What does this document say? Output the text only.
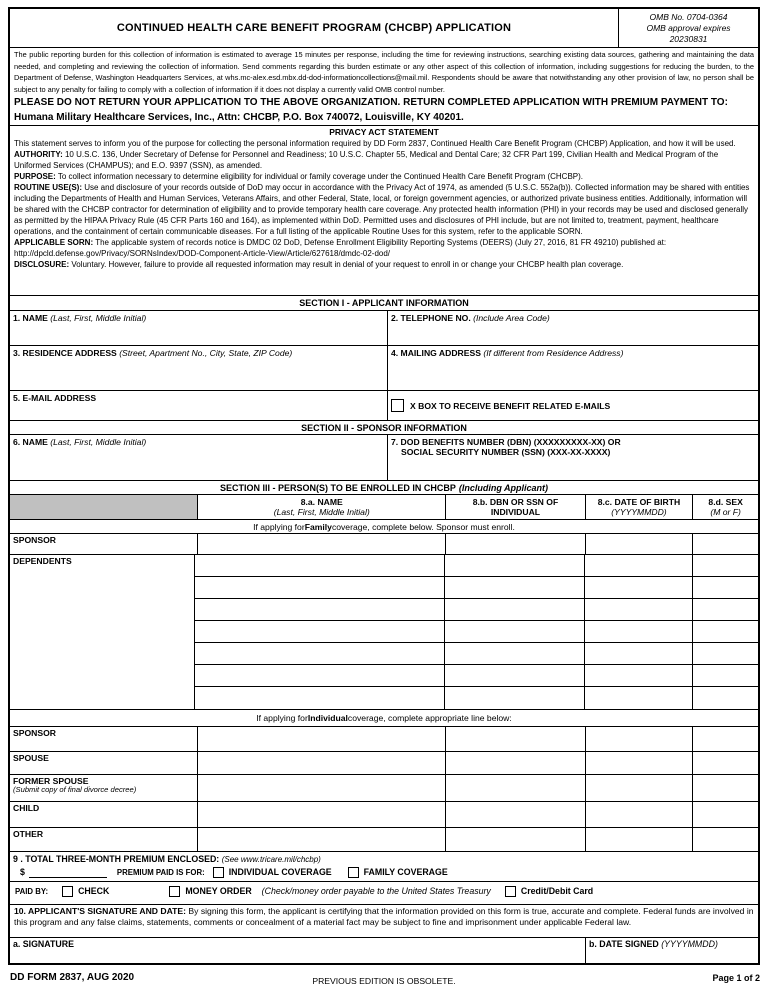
CONTINUED HEALTH CARE BENEFIT PROGRAM (CHCBP) APPLICATION
OMB No. 0704-0364
OMB approval expires
20230831
The public reporting burden for this collection of information is estimated to average 15 minutes per response, including the time for reviewing instructions, searching existing data sources, gathering and maintaining the data needed, and completing and reviewing the collection of information. Send comments regarding this burden estimate or any other aspect of this collection of information, including suggestions for reducing the burden, to the Department of Defense, Washington Headquarters Services, at whs.mc-alex.esd.mbx.dd-dod-informationcollections@mail.mil. Respondents should be aware that notwithstanding any other provision of law, no person shall be subject to any penalty for failing to comply with a collection of information if it does not display a currently valid OMB control number.
PLEASE DO NOT RETURN YOUR APPLICATION TO THE ABOVE ORGANIZATION. RETURN COMPLETED APPLICATION WITH PREMIUM PAYMENT TO: Humana Military Healthcare Services, Inc., Attn: CHCBP, P.O. Box 740072, Louisville, KY 40201.
PRIVACY ACT STATEMENT

This statement serves to inform you of the purpose for collecting the personal information required by DD Form 2837, Continued Health Care Benefit Program (CHCBP) Application, and how it will be used.

AUTHORITY: 10 U.S.C. 136, Under Secretary of Defense for Personnel and Readiness; 10 U.S.C. Chapter 55, Medical and Dental Care; 32 CFR Part 199, Civilian Health and Medical Program of the Uniformed Services (CHAMPUS); and E.O. 9397 (SSN), as amended.

PURPOSE: To collect information necessary to determine eligibility for individual or family coverage under the Continued Health Care Benefit Program (CHCBP).

ROUTINE USE(S): Use and disclosure of your records outside of DoD may occur in accordance with the Privacy Act of 1974, as amended (5 U.S.C. 552a(b)). Collected information may be shared with entities including the Departments of Health and Human Services, Veterans Affairs, and other Federal, State, local, or foreign government agencies, or authorized private business entities. Additionally, information will be shared with the CHCBP contractor for determination of eligibility and to provide temporary health care coverage. Any protected health information (PHI) in your records may be used and disclosed generally as permitted by the HIPAA Privacy Rule (45 CFR Parts 160 and 164), as implemented within DoD. Permitted uses and disclosures of PHI include, but are not limited to, treatment, payment, healthcare operations, and the containment of certain communicable diseases. For a full listing of the applicable Routine Uses for this system, refer to the applicable SORN.

APPLICABLE SORN: The applicable system of records notice is DMDC 02 DoD, Defense Enrollment Eligibility Reporting Systems (DEERS) (July 27, 2016, 81 FR 49210) published at: http://dpcld.defense.gov/Privacy/SORNsIndex/DOD-Component-Article-View/Article/627618/dmdc-02-dod/

DISCLOSURE: Voluntary. However, failure to provide all requested information may result in denial of your request to enroll in or change your CHCBP health plan coverage.

SECTION I - APPLICANT INFORMATION
1. NAME (Last, First, Middle Initial)	2. TELEPHONE NO. (Include Area Code)
3. RESIDENCE ADDRESS (Street, Apartment No., City, State, ZIP Code)	4. MAILING ADDRESS (If different from Residence Address)
5. E-MAIL ADDRESS
X BOX TO RECEIVE BENEFIT RELATED E-MAILS
SECTION II - SPONSOR INFORMATION
6. NAME (Last, First, Middle Initial)	7. DOD BENEFITS NUMBER (DBN) (XXXXXXXXX-XX) OR
SOCIAL SECURITY NUMBER (SSN) (XXX-XX-XXXX)
SECTION III - PERSON(S) TO BE ENROLLED IN CHCBP (Including Applicant)
8.a. NAME
(Last, First, Middle Initial)
8.b. DBN OR SSN OF INDIVIDUAL
8.c. DATE OF BIRTH
(YYYYMMDD)
8.d. SEX
(M or F)
If applying for Family coverage, complete below. Sponsor must enroll.
SPONSOR
DEPENDENTS
If applying for Individual coverage, complete appropriate line below:
SPONSOR
SPOUSE
FORMER SPOUSE
(Submit copy of final divorce decree)
CHILD
OTHER
9 . TOTAL THREE-MONTH PREMIUM ENCLOSED: (See www.tricare.mil/chcbp)
$	PREMIUM PAID IS FOR:	INDIVIDUAL COVERAGE	FAMILY COVERAGE
PAID BY:	CHECK	MONEY ORDER (Check/money order payable to the United States Treasury	Credit/Debit Card
10. APPLICANT'S SIGNATURE AND DATE: By signing this form, the applicant is certifying that the information provided on this form is true, accurate and complete. Federal funds are involved in this program and any false claims, statements, comments or concealment of a material fact may be subject to fine and imprisonment under applicable Federal law.
a. SIGNATURE	b. DATE SIGNED (YYYYMMDD)
DD FORM 2837, AUG 2020	PREVIOUS EDITION IS OBSOLETE.	Page 1 of 2
